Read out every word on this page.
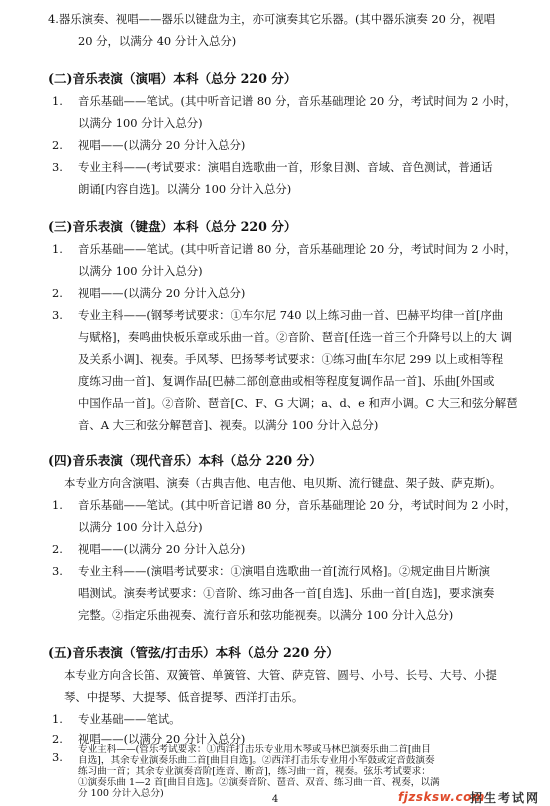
4.器乐演奏、视唱——器乐以键盘为主，亦可演奏其它乐器。(其中器乐演奏 20 分，视唱
20 分，以满分 40 分计入总分)
(二)音乐表演（演唱）本科（总分 220 分）
1. 音乐基础——笔试。(其中听音记谱 80 分，音乐基础理论 20 分，考试时间为 2 小时，
以满分 100 分计入总分)
2. 视唱——(以满分 20 分计入总分)
3. 专业主科——(考试要求：演唱自选歌曲一首，形象目测、音域、音色测试，普通话
朗诵[内容自选]。以满分 100 分计入总分)
(三)音乐表演（键盘）本科（总分 220 分）
1. 音乐基础——笔试。(其中听音记谱 80 分，音乐基础理论 20 分，考试时间为 2 小时，
以满分 100 分计入总分)
2. 视唱——(以满分 20 分计入总分)
3. 专业主科——(钢琴考试要求：①车尔尼 740 以上练习曲一首、巴赫平均律一首[序曲
与赋格]，奏鸣曲快板乐章或乐曲一首。②音阶、琶音[任选一首三个升降号以上的大 调
及关系小调]、视奏。手风琴、巴扬琴考试要求：①练习曲[车尔尼 299 以上或相等程
度练习曲一首]、复调作品[巴赫二部创意曲或相等程度复调作品一首]、乐曲[外国或
中国作品一首]。②音阶、琶音[C、F、G 大调；a、d、e 和声小调。C 大三和弦分解琶
音、A 大三和弦分解琶音]、视奏。以满分 100 分计入总分)
(四)音乐表演（现代音乐）本科（总分 220 分）
本专业方向含演唱、演奏（古典吉他、电吉他、电贝斯、流行键盘、架子鼓、萨克斯)。
1. 音乐基础——笔试。(其中听音记谱 80 分，音乐基础理论 20 分，考试时间为 2 小时，
以满分 100 分计入总分)
2. 视唱——(以满分 20 分计入总分)
3. 专业主科——(演唱考试要求：①演唱自选歌曲一首[流行风格]。②规定曲目片断演
唱测试。演奏考试要求：①音阶、练习曲各一首[自选]、乐曲一首[自选]，要求演奏
完整。②指定乐曲视奏、流行音乐和弦功能视奏。以满分 100 分计入总分)
(五)音乐表演（管弦/打击乐）本科（总分 220 分）
本专业方向含长笛、双簧管、单簧管、大管、萨克管、圆号、小号、长号、大号、小提
琴、中提琴、大提琴、低音提琴、西洋打击乐。
1. 专业基础——笔试。
2. 视唱——(以满分 20 分计入总分)
3.
4	fjzsksw.com
专业主科——(管乐考试要求：①西洋打击乐专业用木琴或马林巴演奏乐曲二首[曲目
自选]，其余专业演奏乐曲二首[曲目自选]。②西洋打击乐专业用小军鼓或定音鼓演奏
练习曲一首；其余专业演奏音阶[连音、断音]，练习曲一首，视奏。弦乐考试要求：
①演奏乐曲 1—2 首[曲目自选]。②演奏音阶、琶音、双音、练习曲一首、视奏，以满
分 100 分计入总分)	招生考试网
